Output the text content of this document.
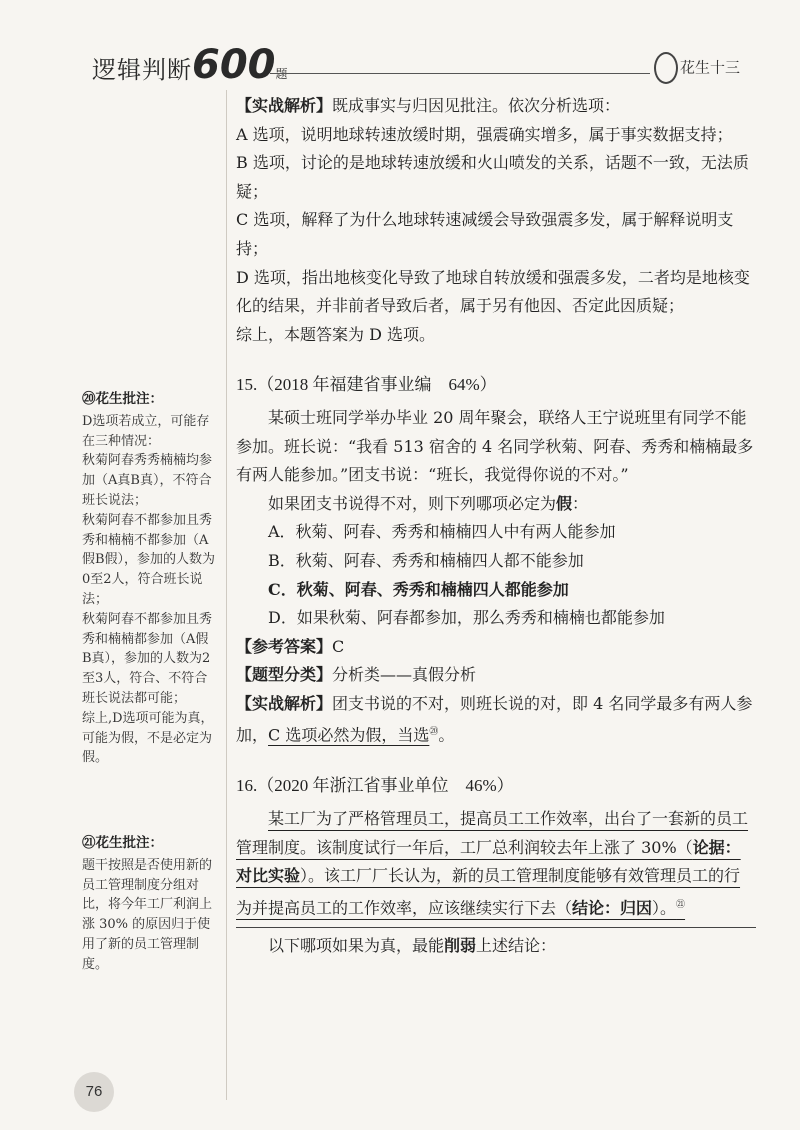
逻辑判断600题	花生十三

【实战解析】既成事实与归因见批注。依次分析选项：

A 选项，说明地球转速放缓时期，强震确实增多，属于事实数据支持；

B 选项，讨论的是地球转速放缓和火山喷发的关系，话题不一致，无法质疑；

C 选项，解释了为什么地球转速减缓会导致强震多发，属于解释说明支持；

D 选项，指出地核变化导致了地球自转放缓和强震多发，二者均是地核变化的结果，并非前者导致后者，属于另有他因、否定此因质疑；

综上，本题答案为 D 选项。

15.（2018 年福建省事业编　64%）

某硕士班同学举办毕业 20 周年聚会，联络人王宁说班里有同学不能参加。班长说：“我看 513 宿舍的 4 名同学秋菊、阿春、秀秀和楠楠最多有两人能参加。”团支书说：“班长，我觉得你说的不对。”

如果团支书说得不对，则下列哪项必定为假：

A．秋菊、阿春、秀秀和楠楠四人中有两人能参加

B．秋菊、阿春、秀秀和楠楠四人都不能参加

C．秋菊、阿春、秀秀和楠楠四人都能参加

D．如果秋菊、阿春都参加，那么秀秀和楠楠也都能参加

【参考答案】C

【题型分类】分析类——真假分析

【实战解析】团支书说的不对，则班长说的对，即 4 名同学最多有两人参加，C 选项必然为假，当选⑳。

16.（2020 年浙江省事业单位　46%）

某工厂为了严格管理员工，提高员工工作效率，出台了一套新的员工管理制度。该制度试行一年后，工厂总利润较去年上涨了 30%（论据：对比实验）。该工厂厂长认为，新的员工管理制度能够有效管理员工的行为并提高员工的工作效率，应该继续实行下去（结论：归因）。$^㉑$

以下哪项如果为真，最能削弱上述结论：

⑳花生批注：

D选项若成立，可能存在三种情况：

秋菊阿春秀秀楠楠均参加（A真B真），不符合班长说法；

秋菊阿春不都参加且秀秀和楠楠不都参加（A假B假），参加的人数为0至2人，符合班长说法；

秋菊阿春不都参加且秀秀和楠楠都参加（A假B真），参加的人数为2至3人，符合、不符合班长说法都可能；

综上,D选项可能为真，可能为假，不是必定为假。

㉑花生批注：

题干按照是否使用新的员工管理制度分组对比，将今年工厂利润上涨 30% 的原因归于使用了新的员工管理制度。

76
